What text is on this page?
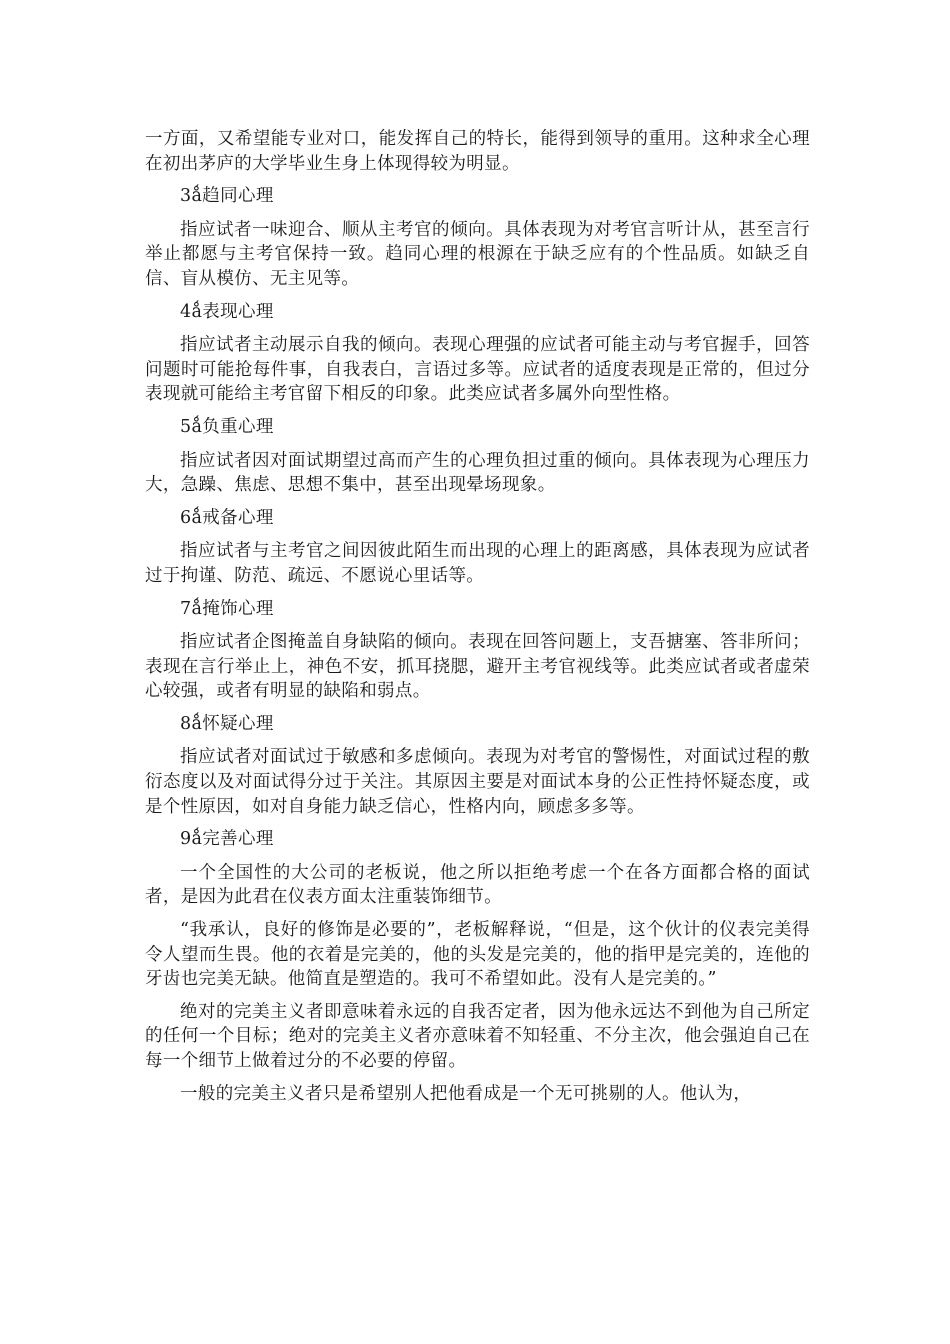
一方面，又希望能专业对口，能发挥自己的特长，能得到领导的重用。这种求全心理在初出茅庐的大学毕业生身上体现得较为明显。

3ǻ趋同心理

指应试者一味迎合、顺从主考官的倾向。具体表现为对考官言听计从，甚至言行举止都愿与主考官保持一致。趋同心理的根源在于缺乏应有的个性品质。如缺乏自信、盲从模仿、无主见等。

4ǻ表现心理

指应试者主动展示自我的倾向。表现心理强的应试者可能主动与考官握手，回答问题时可能抢每件事，自我表白，言语过多等。应试者的适度表现是正常的，但过分表现就可能给主考官留下相反的印象。此类应试者多属外向型性格。

5ǻ负重心理

指应试者因对面试期望过高而产生的心理负担过重的倾向。具体表现为心理压力大，急躁、焦虑、思想不集中，甚至出现晕场现象。

6ǻ戒备心理

指应试者与主考官之间因彼此陌生而出现的心理上的距离感，具体表现为应试者过于拘谨、防范、疏远、不愿说心里话等。

7ǻ掩饰心理

指应试者企图掩盖自身缺陷的倾向。表现在回答问题上，支吾搪塞、答非所问；表现在言行举止上，神色不安，抓耳挠腮，避开主考官视线等。此类应试者或者虚荣心较强，或者有明显的缺陷和弱点。

8ǻ怀疑心理

指应试者对面试过于敏感和多虑倾向。表现为对考官的警惕性，对面试过程的敷衍态度以及对面试得分过于关注。其原因主要是对面试本身的公正性持怀疑态度，或是个性原因，如对自身能力缺乏信心，性格内向，顾虑多多等。

9ǻ完善心理

一个全国性的大公司的老板说，他之所以拒绝考虑一个在各方面都合格的面试者，是因为此君在仪表方面太注重装饰细节。

“我承认，良好的修饰是必要的”，老板解释说，“但是，这个伙计的仪表完美得令人望而生畏。他的衣着是完美的，他的头发是完美的，他的指甲是完美的，连他的牙齿也完美无缺。他简直是塑造的。我可不希望如此。没有人是完美的。”

绝对的完美主义者即意味着永远的自我否定者，因为他永远达不到他为自己所定的任何一个目标；绝对的完美主义者亦意味着不知轻重、不分主次，他会强迫自己在每一个细节上做着过分的不必要的停留。

一般的完美主义者只是希望别人把他看成是一个无可挑剔的人。他认为，
